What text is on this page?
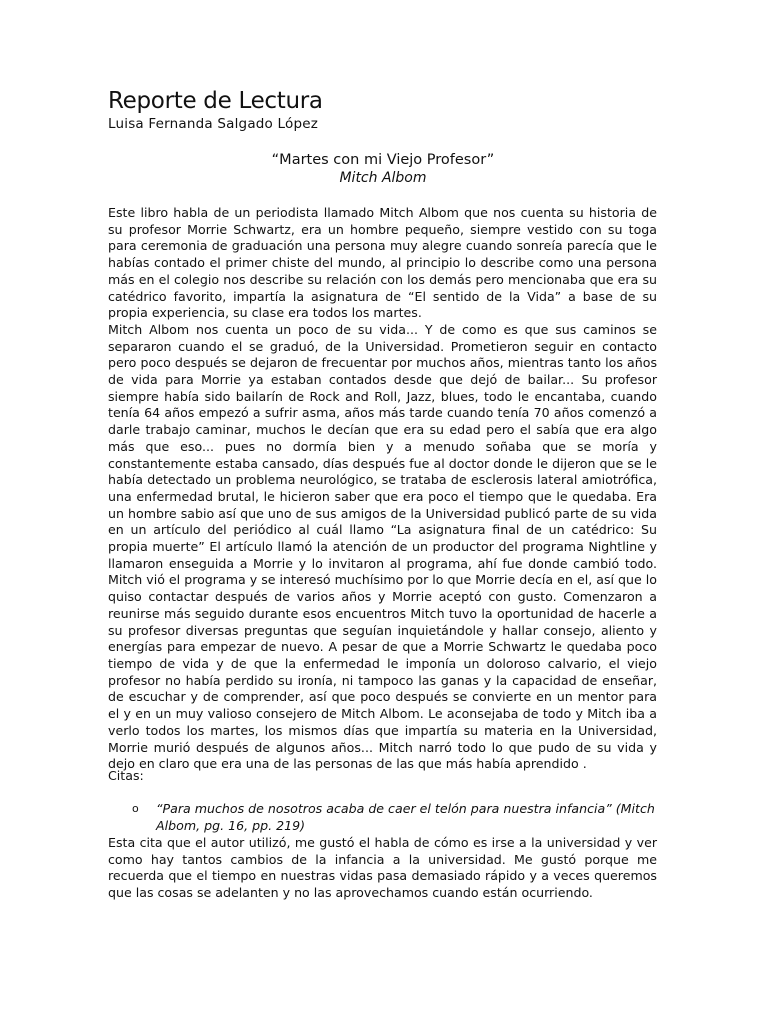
Reporte de Lectura
Luisa Fernanda Salgado López
“Martes con mi Viejo Profesor”
Mitch Albom

Este libro habla de un periodista llamado Mitch Albom que nos cuenta su historia de su profesor Morrie Schwartz, era un hombre pequeño, siempre vestido con su toga para ceremonia de graduación una persona muy alegre cuando sonreía parecía que le habías contado el primer chiste del mundo, al principio lo describe como una persona más en el colegio nos describe su relación con los demás pero mencionaba que era su catédrico favorito, impartía la asignatura de “El sentido de la Vida” a base de su propia experiencia, su clase era todos los martes.

Mitch Albom nos cuenta un poco de su vida... Y de como es que sus caminos se separaron cuando el se graduó, de la Universidad. Prometieron seguir en contacto pero poco después se dejaron de frecuentar por muchos años, mientras tanto los años de vida para Morrie ya estaban contados desde que dejó de bailar... Su profesor siempre había sido bailarín de Rock and Roll, Jazz, blues, todo le encantaba, cuando tenía 64 años empezó a sufrir asma, años más tarde cuando tenía 70 años comenzó a darle trabajo caminar, muchos le decían que era su edad pero el sabía que era algo más que eso... pues no dormía bien y a menudo soñaba que se moría y constantemente estaba cansado, días después fue al doctor donde le dijeron que se le había detectado un problema neurológico, se trataba de esclerosis lateral amiotrófica, una enfermedad brutal, le hicieron saber que era poco el tiempo que le quedaba. Era un hombre sabio así que uno de sus amigos de la Universidad publicó parte de su vida en un artículo del periódico al cuál llamo “La asignatura final de un catédrico: Su propia muerte” El artículo llamó la atención de un productor del programa Nightline y llamaron enseguida a Morrie y lo invitaron al programa, ahí fue donde cambió todo. Mitch vió el programa y se interesó muchísimo por lo que Morrie decía en el, así que lo quiso contactar después de varios años y Morrie aceptó con gusto. Comenzaron a reunirse más seguido durante esos encuentros Mitch tuvo la oportunidad de hacerle a su profesor diversas preguntas que seguían inquietándole y hallar consejo, aliento y energías para empezar de nuevo. A pesar de que a Morrie Schwartz le quedaba poco tiempo de vida y de que la enfermedad le imponía un doloroso calvario, el viejo profesor no había perdido su ironía, ni tampoco las ganas y la capacidad de enseñar, de escuchar y de comprender, así que poco después se convierte en un mentor para el y en un muy valioso consejero de Mitch Albom. Le aconsejaba de todo y Mitch iba a verlo todos los martes, los mismos días que impartía su materia en la Universidad, Morrie murió después de algunos años... Mitch narró todo lo que pudo de su vida y dejo en claro que era una de las personas de las que más había aprendido .

Citas:
o “Para muchos de nosotros acaba de caer el telón para nuestra infancia” (Mitch Albom, pg. 16, pp. 219)

Esta cita que el autor utilizó, me gustó el habla de cómo es irse a la universidad y ver como hay tantos cambios de la infancia a la universidad. Me gustó porque me recuerda que el tiempo en nuestras vidas pasa demasiado rápido y a veces queremos que las cosas se adelanten y no las aprovechamos cuando están ocurriendo.
